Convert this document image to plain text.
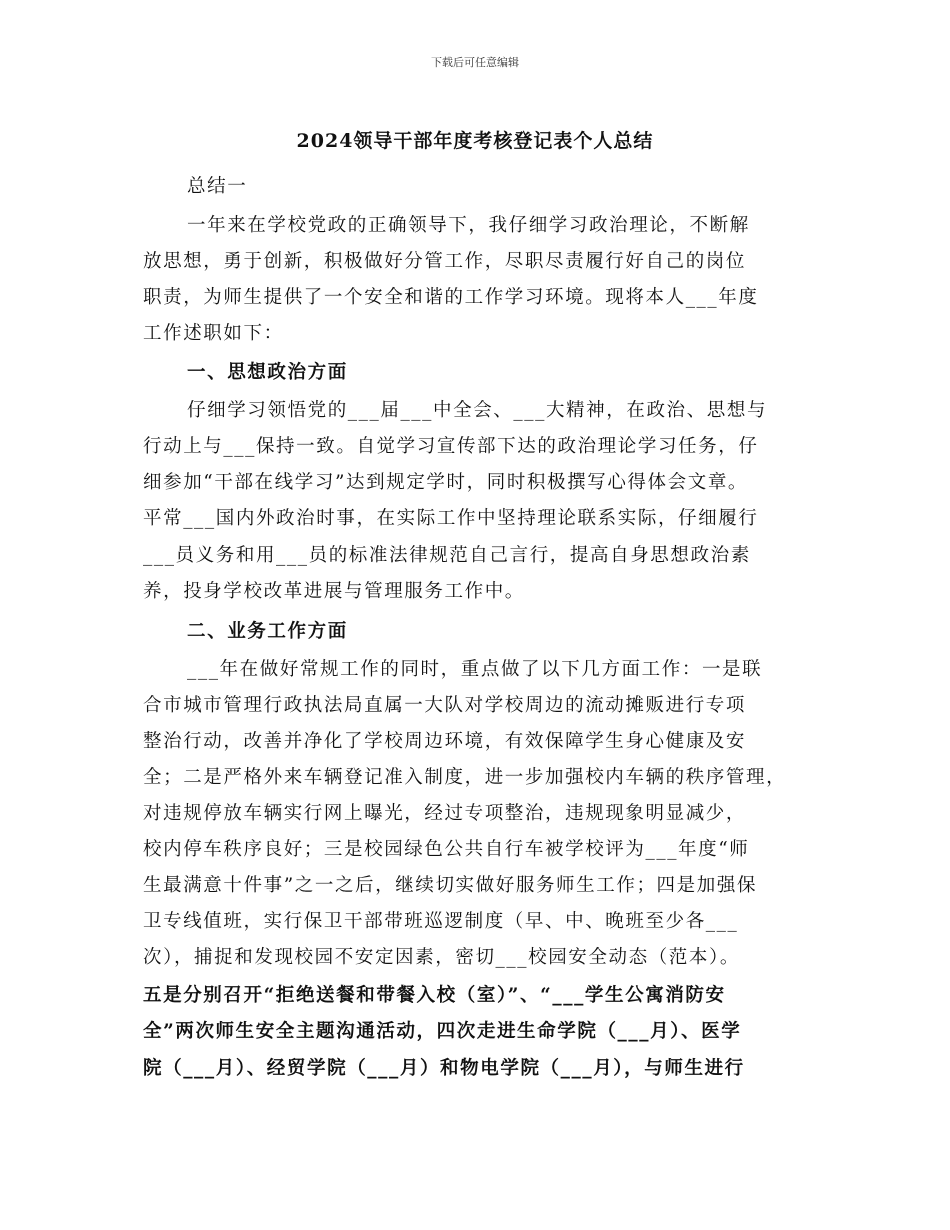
下载后可任意编辑
2024领导干部年度考核登记表个人总结
总结一
一年来在学校党政的正确领导下，我仔细学习政治理论，不断解
放思想，勇于创新，积极做好分管工作，尽职尽责履行好自己的岗位
职责，为师生提供了一个安全和谐的工作学习环境。现将本人___年度
工作述职如下：
一、思想政治方面
仔细学习领悟党的___届___中全会、___大精神，在政治、思想与
行动上与___保持一致。自觉学习宣传部下达的政治理论学习任务，仔
细参加“干部在线学习”达到规定学时，同时积极撰写心得体会文章。
平常___国内外政治时事，在实际工作中坚持理论联系实际，仔细履行
___员义务和用___员的标准法律规范自己言行，提高自身思想政治素
养，投身学校改革进展与管理服务工作中。
二、业务工作方面
___年在做好常规工作的同时，重点做了以下几方面工作：一是联
合市城市管理行政执法局直属一大队对学校周边的流动摊贩进行专项
整治行动，改善并净化了学校周边环境，有效保障学生身心健康及安
全；二是严格外来车辆登记准入制度，进一步加强校内车辆的秩序管理，
对违规停放车辆实行网上曝光，经过专项整治，违规现象明显减少，
校内停车秩序良好；三是校园绿色公共自行车被学校评为___年度“师
生最满意十件事”之一之后，继续切实做好服务师生工作；四是加强保
卫专线值班，实行保卫干部带班巡逻制度（早、中、晚班至少各___
次），捕捉和发现校园不安定因素，密切___校园安全动态（范本）。
五是分别召开“拒绝送餐和带餐入校（室）”、“___学生公寓消防安
全”两次师生安全主题沟通活动，四次走进生命学院（___月）、医学
院（___月）、经贸学院（___月）和物电学院（___月），与师生进行
